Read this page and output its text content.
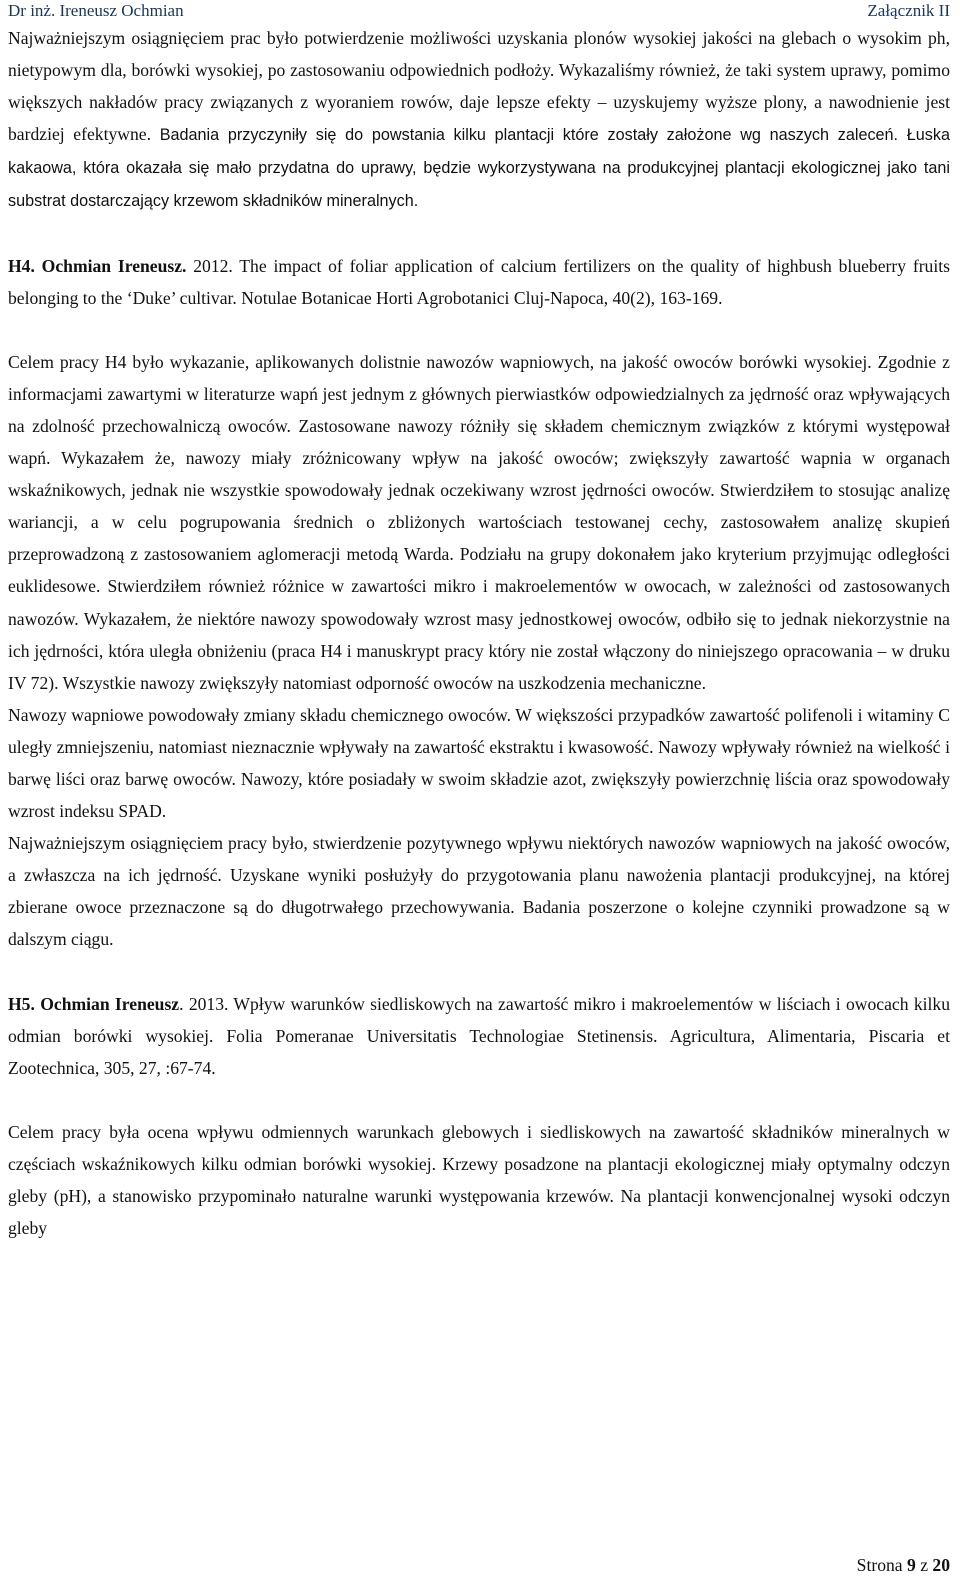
Dr inż. Ireneusz Ochmian	Załącznik II

Najważniejszym osiągnięciem prac było potwierdzenie możliwości uzyskania plonów wysokiej jakości na glebach o wysokim ph, nietypowym dla, borówki wysokiej, po zastosowaniu odpowiednich podłoży. Wykazaliśmy również, że taki system uprawy, pomimo większych nakładów pracy związanych z wyoraniem rowów, daje lepsze efekty – uzyskujemy wyższe plony, a nawodnienie jest bardziej efektywne. Badania przyczyniły się do powstania kilku plantacji które zostały założone wg naszych zaleceń. Łuska kakaowa, która okazała się mało przydatna do uprawy, będzie wykorzystywana na produkcyjnej plantacji ekologicznej jako tani substrat dostarczający krzewom składników mineralnych.

H4. Ochmian Ireneusz. 2012. The impact of foliar application of calcium fertilizers on the quality of highbush blueberry fruits belonging to the ‘Duke’ cultivar. Notulae Botanicae Horti Agrobotanici Cluj-Napoca, 40(2), 163-169.

Celem pracy H4 było wykazanie, aplikowanych dolistnie nawozów wapniowych, na jakość owoców borówki wysokiej. Zgodnie z informacjami zawartymi w literaturze wapń jest jednym z głównych pierwiastków odpowiedzialnych za jędrność oraz wpływających na zdolność przechowalniczą owoców. Zastosowane nawozy różniły się składem chemicznym związków z którymi występował wapń. Wykazałem że, nawozy miały zróżnicowany wpływ na jakość owoców; zwiększyły zawartość wapnia w organach wskaźnikowych, jednak nie wszystkie spowodowały jednak oczekiwany wzrost jędrności owoców. Stwierdziłem to stosując analizę wariancji, a w celu pogrupowania średnich o zbliżonych wartościach testowanej cechy, zastosowałem analizę skupień przeprowadzoną z zastosowaniem aglomeracji metodą Warda. Podziału na grupy dokonałem jako kryterium przyjmując odległości euklidesowe. Stwierdziłem również różnice w zawartości mikro i makroelementów w owocach, w zależności od zastosowanych nawozów. Wykazałem, że niektóre nawozy spowodowały wzrost masy jednostkowej owoców, odbiło się to jednak niekorzystnie na ich jędrności, która uległa obniżeniu (praca H4 i manuskrypt pracy który nie został włączony do niniejszego opracowania – w druku IV 72). Wszystkie nawozy zwiększyły natomiast odporność owoców na uszkodzenia mechaniczne.

Nawozy wapniowe powodowały zmiany składu chemicznego owoców. W większości przypadków zawartość polifenoli i witaminy C uległy zmniejszeniu, natomiast nieznacznie wpływały na zawartość ekstraktu i kwasowość. Nawozy wpływały również na wielkość i barwę liści oraz barwę owoców. Nawozy, które posiadały w swoim składzie azot, zwiększyły powierzchnię liścia oraz spowodowały wzrost indeksu SPAD.

Najważniejszym osiągnięciem pracy było, stwierdzenie pozytywnego wpływu niektórych nawozów wapniowych na jakość owoców, a zwłaszcza na ich jędrność. Uzyskane wyniki posłużyły do przygotowania planu nawożenia plantacji produkcyjnej, na której zbierane owoce przeznaczone są do długotrwałego przechowywania. Badania poszerzone o kolejne czynniki prowadzone są w dalszym ciągu.

H5. Ochmian Ireneusz. 2013. Wpływ warunków siedliskowych na zawartość mikro i makroelementów w liściach i owocach kilku odmian borówki wysokiej. Folia Pomeranae Universitatis Technologiae Stetinensis. Agricultura, Alimentaria, Piscaria et Zootechnica, 305, 27, :67-74.

Celem pracy była ocena wpływu odmiennych warunkach glebowych i siedliskowych na zawartość składników mineralnych w częściach wskaźnikowych kilku odmian borówki wysokiej. Krzewy posadzone na plantacji ekologicznej miały optymalny odczyn gleby (pH), a stanowisko przypominało naturalne warunki występowania krzewów. Na plantacji konwencjonalnej wysoki odczyn gleby

Strona 9 z 20
